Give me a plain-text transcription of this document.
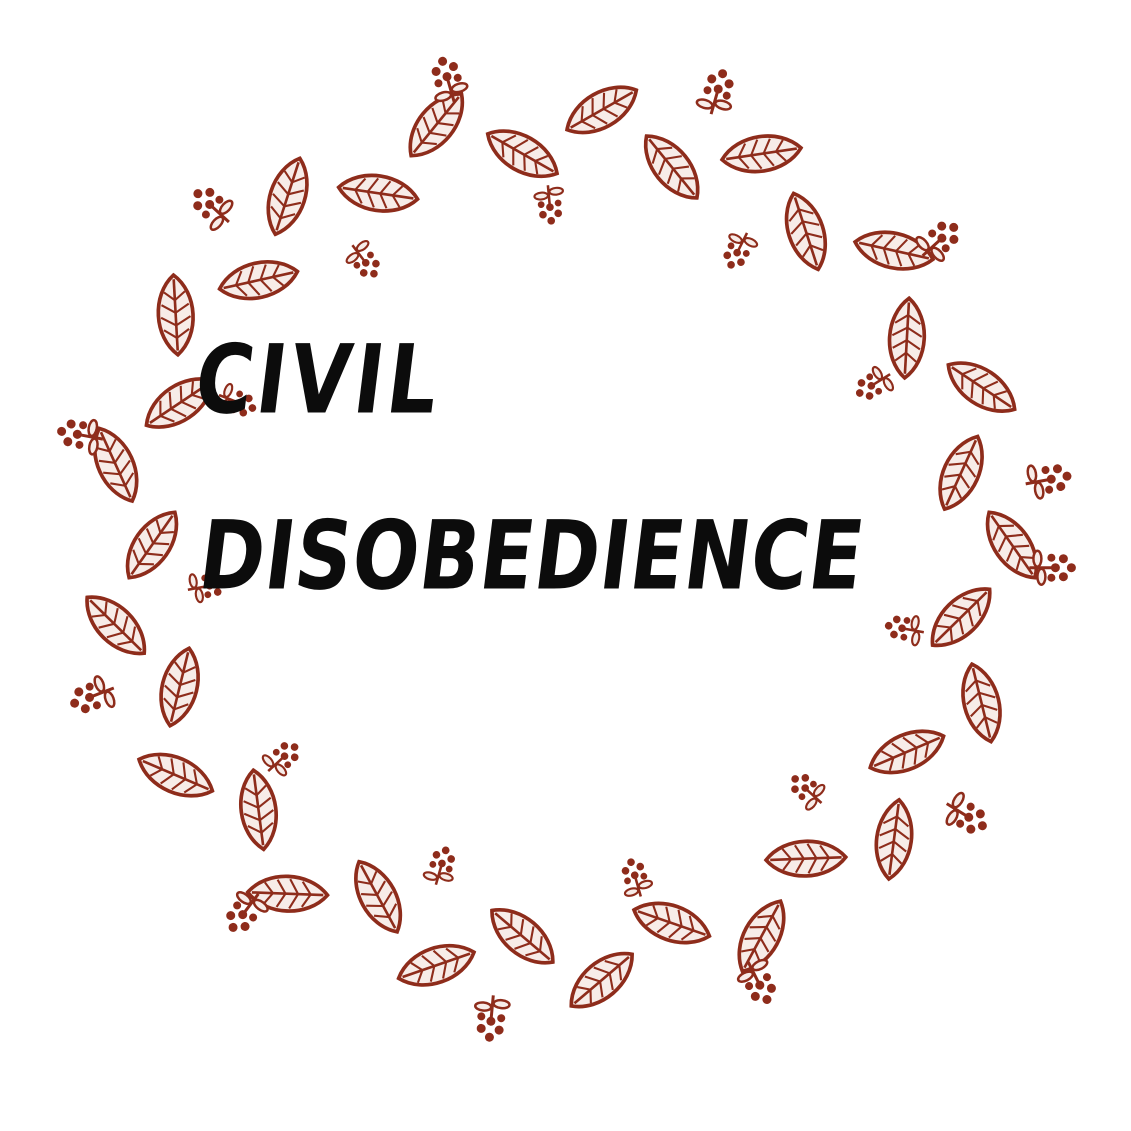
CIVIL
DISOBEDIENCE
